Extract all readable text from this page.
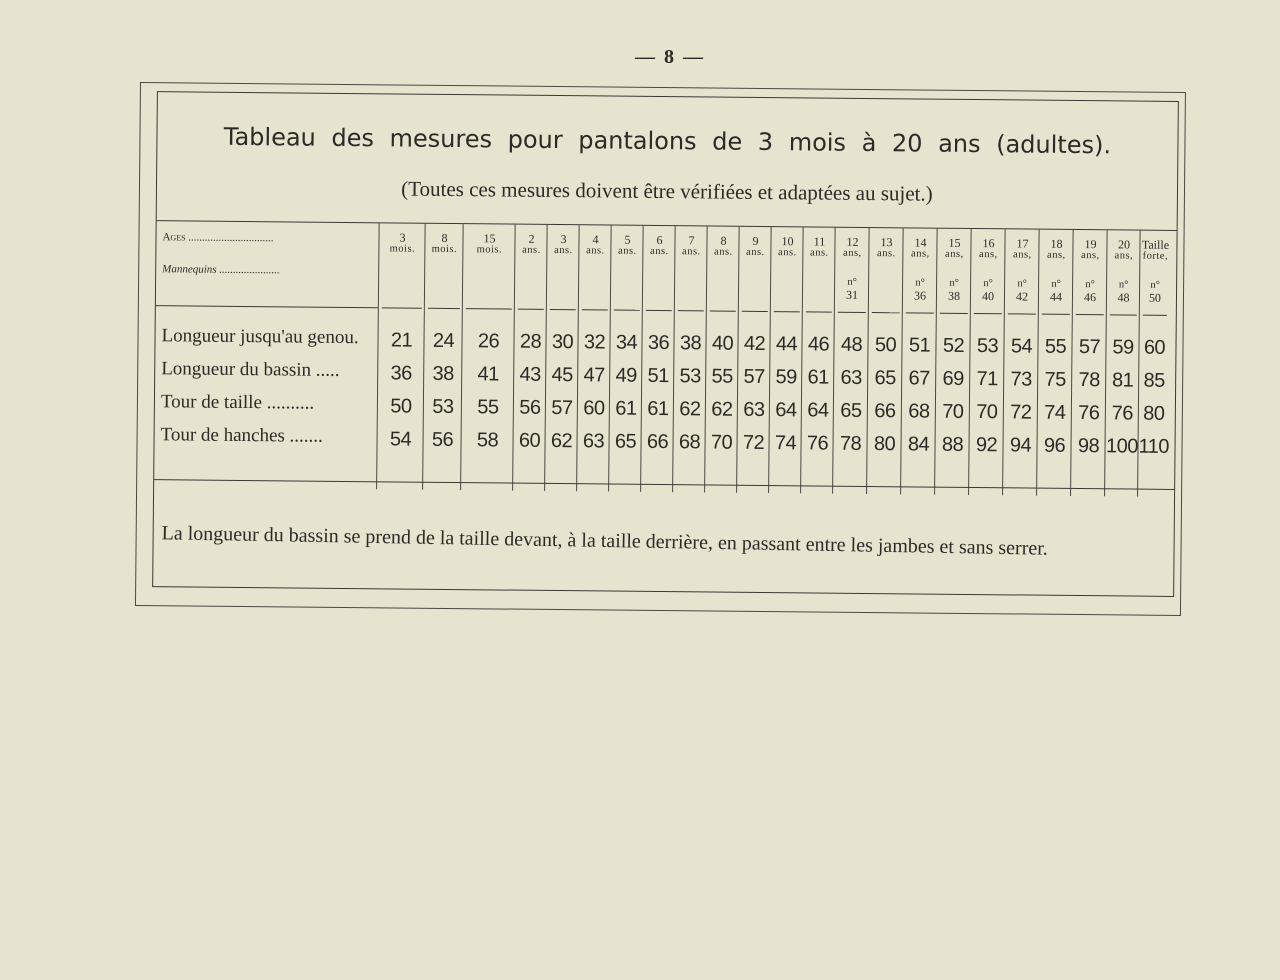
— 8 —
Tableau des mesures pour pantalons de 3 mois à 20 ans (adultes).
(Toutes ces mesures doivent être vérifiées et adaptées au sujet.)
Ages ...............................
Mannequins ......................
Longueur jusqu'au genou.
Longueur du bassin .....
Tour de taille ..........
Tour de hanches .......
3
mois.
21
36
50
54
8
mois.
24
38
53
56
15
mois.
26
41
55
58
2
ans.
28
43
56
60
3
ans.
30
45
57
62
4
ans.
32
47
60
63
5
ans.
34
49
61
65
6
ans.
36
51
61
66
7
ans.
38
53
62
68
8
ans.
40
55
62
70
9
ans.
42
57
63
72
10
ans.
44
59
64
74
11
ans.
46
61
64
76
12
ans,
n°
31
48
63
65
78
13
ans.
50
65
66
80
14
ans,
n°
36
51
67
68
84
15
ans,
n°
38
52
69
70
88
16
ans,
n°
40
53
71
70
92
17
ans,
n°
42
54
73
72
94
18
ans,
n°
44
55
75
74
96
19
ans,
n°
46
57
78
76
98
20
ans,
n°
48
59
81
76
100
Taille
forte,
n°
50
60
85
80
110
La longueur du bassin se prend de la taille devant, à la taille derrière, en passant entre les jambes et sans serrer.
